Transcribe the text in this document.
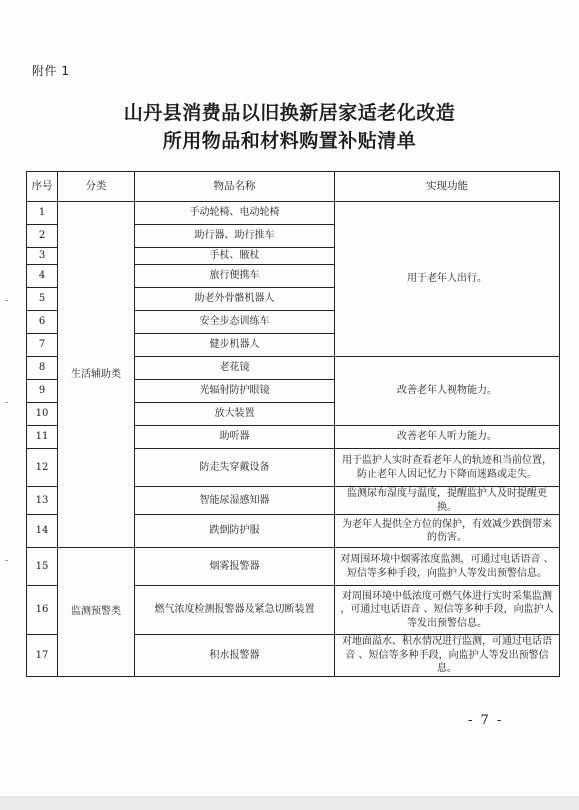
附件 1
山丹县消费品以旧换新居家适老化改造
所用物品和材料购置补贴清单
序号	分类	物品名称	实现功能
1	生活辅助类	手动轮椅、电动轮椅	用于老年人出行。
2		助行器、助行推车	
3		手杖、腋杖	
4		旅行便携车	
5		助老外骨骼机器人	
6		安全步态训练车	
7		健步机器人	
8		老花镜	改善老年人视物能力。
9		光辐射防护眼镜	
10		放大装置	
11		助听器	改善老年人听力能力。
12		防走失穿戴设备	用于监护人实时查看老年人的轨迹和当前位置，防止老年人因记忆力下降而迷路或走失。
13		智能尿湿感知器	监测尿布湿度与温度，提醒监护人及时提醒更换。
14		跌倒防护服	为老年人提供全方位的保护，有效减少跌倒带来的伤害。
15	监测预警类	烟雾报警器	对周围环境中烟雾浓度监测，可通过电话语音 、短信等多种手段，向监护人等发出预警信息。
16		燃气浓度检测报警器及紧急切断装置	对周围环境中低浓度可燃气体进行实时采集监测 ，可通过电话语音 、短信等多种手段，向监护人等发出预警信息。
17		积水报警器	对地面溢水、积水情况进行监测，可通过电话语音 、短信等多种手段，向监护人等发出预警信息。
- 7 -
